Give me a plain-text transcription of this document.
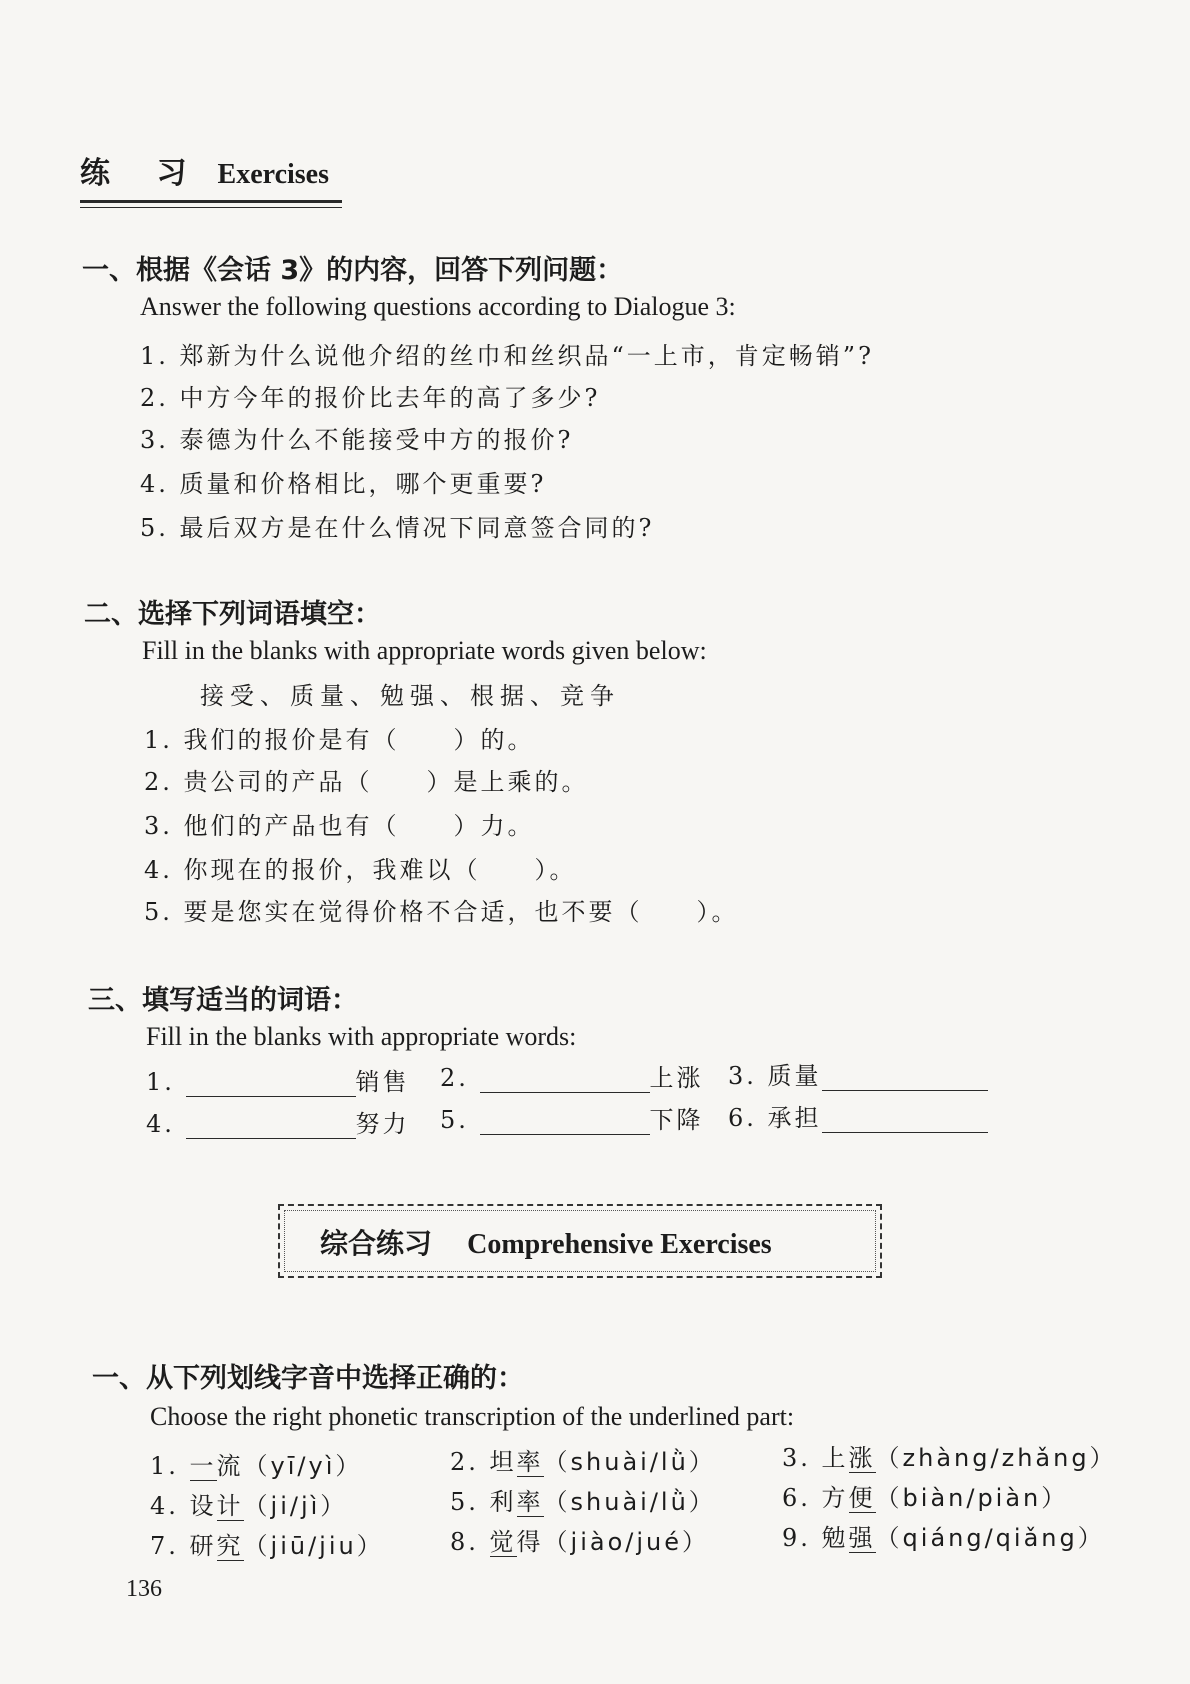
练 习 Exercises
一、根据《会话 3》的内容，回答下列问题：
Answer the following questions according to Dialogue 3:
1. 郑新为什么说他介绍的丝巾和丝织品“一上市，肯定畅销”?
2. 中方今年的报价比去年的高了多少?
3. 泰德为什么不能接受中方的报价?
4. 质量和价格相比，哪个更重要?
5. 最后双方是在什么情况下同意签合同的?
二、选择下列词语填空：
Fill in the blanks with appropriate words given below:
接受、质量、勉强、根据、竞争
1. 我们的报价是有（　　）的。
2. 贵公司的产品（　　）是上乘的。
3. 他们的产品也有（　　）力。
4. 你现在的报价，我难以（　　）。
5. 要是您实在觉得价格不合适，也不要（　　）。
三、填写适当的词语：
Fill in the blanks with appropriate words:
1.	销售 2.	上涨 3. 质量
4.	努力 5.	下降 6. 承担
综合练习 Comprehensive Exercises
一、从下列划线字音中选择正确的：
Choose the right phonetic transcription of the underlined part:
1. 一流（yī/yì）	2. 坦率（shuài/lǜ）	3. 上涨（zhàng/zhǎng）
4. 设计（ji/jì）	5. 利率（shuài/lǜ）	6. 方便（biàn/piàn）
7. 研究（jiū/jiu）	8. 觉得（jiào/jué）	9. 勉强（qiáng/qiǎng）
136
